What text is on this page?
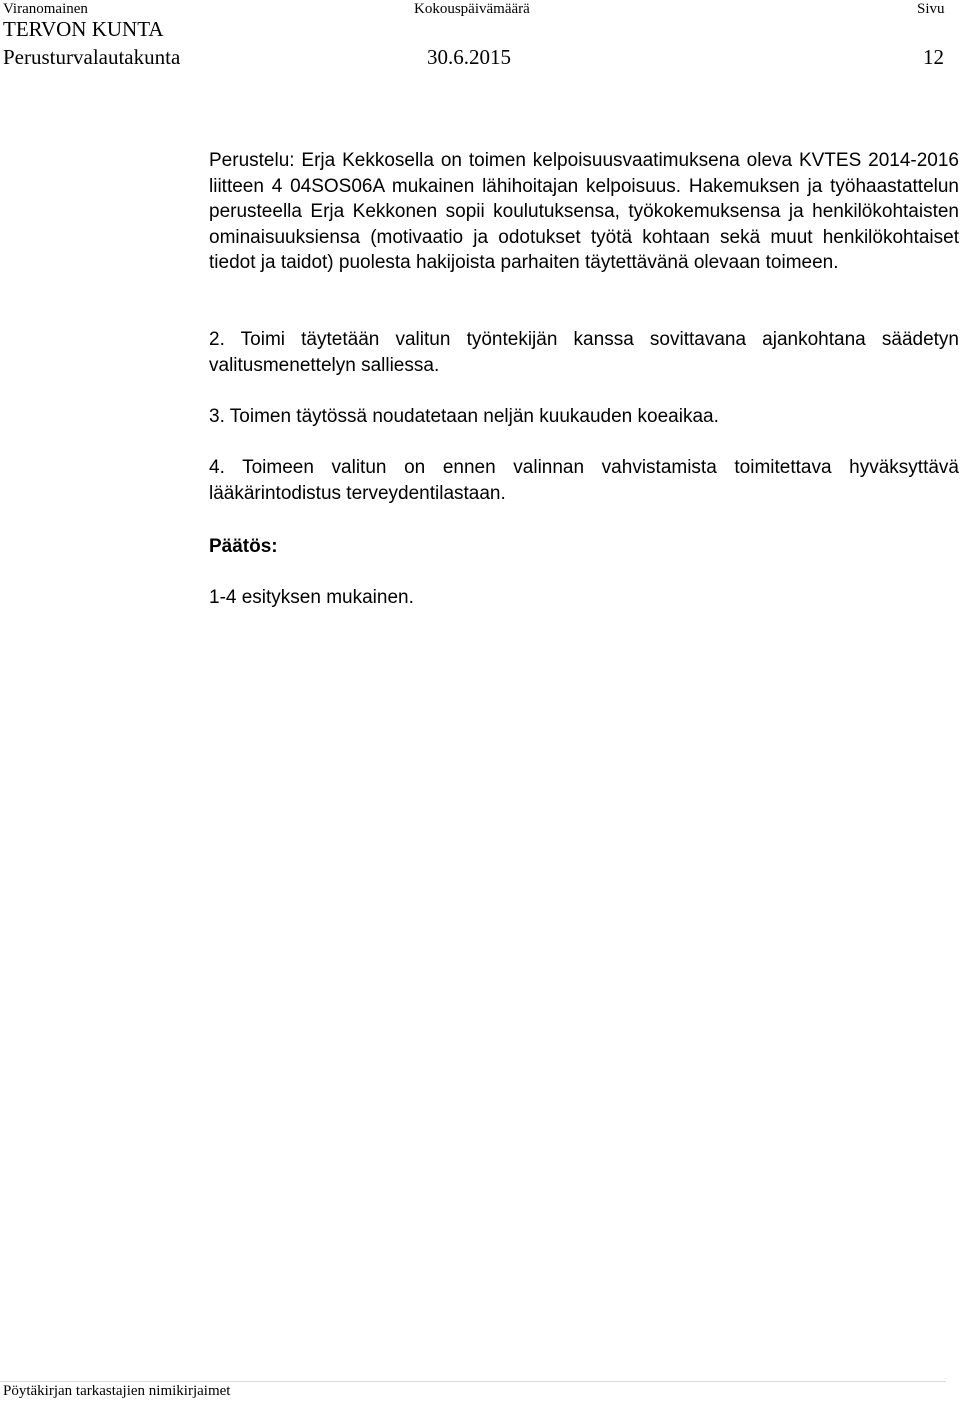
Viranomainen	Kokouspäivämäärä	Sivu
TERVON KUNTA
Perusturvalautakunta	30.6.2015	12
Perustelu: Erja Kekkosella on toimen kelpoisuusvaatimuksena oleva KVTES 2014-2016 liitteen 4 04SOS06A mukainen lähihoitajan kelpoisuus. Hakemuksen ja työhaastattelun perusteella Erja Kekkonen sopii koulutuksensa, työkokemuksensa ja henkilökohtaisten ominaisuuksiensa (motivaatio ja odotukset työtä kohtaan sekä muut henkilökohtaiset tiedot ja taidot) puolesta hakijoista parhaiten täytettävänä olevaan toimeen.
2. Toimi täytetään valitun työntekijän kanssa sovittavana ajankohtana säädetyn valitusmenettelyn salliessa.
3. Toimen täytössä noudatetaan neljän kuukauden koeaikaa.
4. Toimeen valitun on ennen valinnan vahvistamista toimitettava hyväksyttävä lääkärintodistus terveydentilastaan.
Päätös:
1-4 esityksen mukainen.
Pöytäkirjan tarkastajien nimikirjaimet
